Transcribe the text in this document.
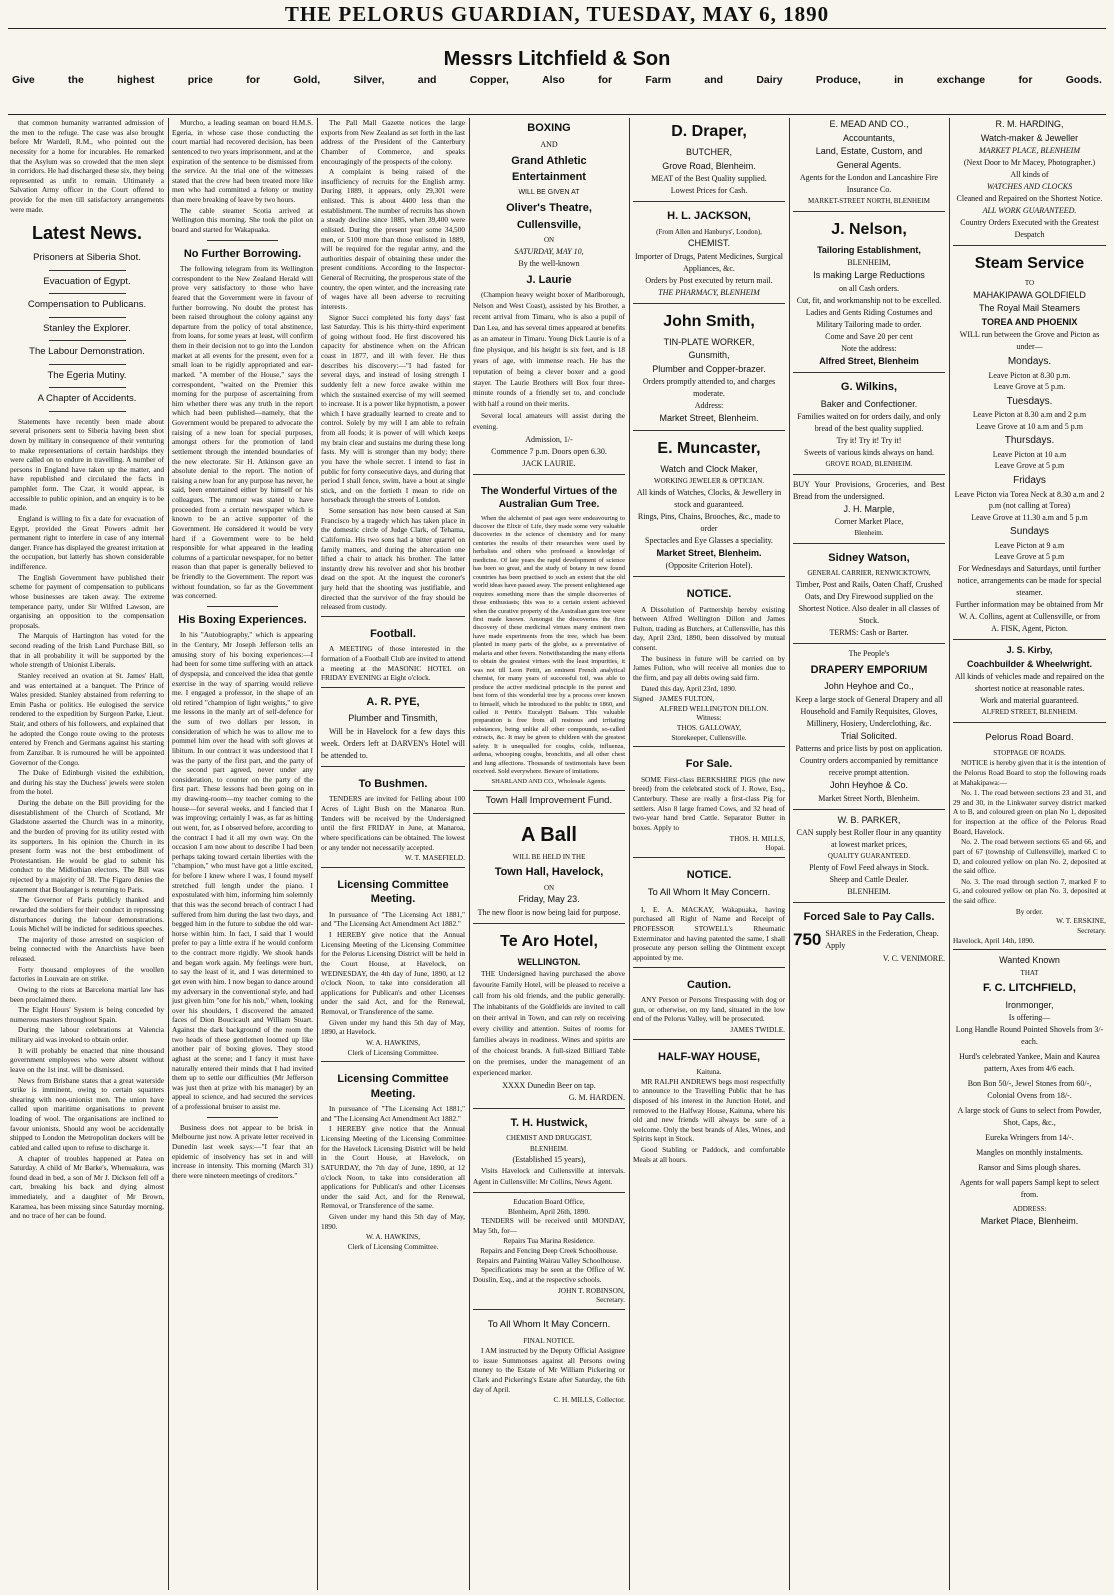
THE PELORUS GUARDIAN, TUESDAY, MAY 6, 1890
Messrs Litchfield & Son
Give	the	highest	price	for	Gold,	Silver,	and	Copper,	Also	for	Farm	and	Dairy	Produce,	in	exchange	for	Goods.

that common humanity warranted admission of the men to the refuge. The case was also brought before Mr Wardell, R.M., who pointed out the necessity for a home for incurables. He remarked that the Asylum was so crowded that the men slept in corridors. He had discharged these six, they being represented as unfit to remain. Ultimately a Salvation Army officer in the Court offered to provide for the men till satisfactory arrangements were made.

Latest News.
Prisoners at Siberia Shot.
Evacuation of Egypt.
Compensation to Publicans.
Stanley the Explorer.
The Labour Demonstration.
The Egeria Mutiny.
A Chapter of Accidents.

Statements have recently been made about several prisoners sent to Siberia having been shot down by military in consequence of their venturing to make representations of certain hardships they were called on to endure in travelling. A number of persons in England have taken up the matter, and have republished and circulated the facts in pamphlet form. The Czar, it would appear, is accessible to public opinion, and an enquiry is to be made.

England is willing to fix a date for evacuation of Egypt, provided the Great Powers admit her permanent right to interfere in case of any internal danger. France has displayed the greatest irritation at the occupation, but latterly has shown considerable indifference.

The English Government have published their scheme for payment of compensation to publicans whose businesses are taken away. The extreme temperance party, under Sir Wilfred Lawson, are organising an opposition to the compensation proposals.

The Marquis of Hartington has voted for the second reading of the Irish Land Purchase Bill, so that in all probability it will be supported by the whole strength of Unionist Liberals.

Stanley received an ovation at St. James' Hall, and was entertained at a banquet. The Prince of Wales presided. Stanley abstained from referring to Emin Pasha or politics. He eulogised the service rendered to the expedition by Surgeon Parke, Lieut. Stair, and others of his followers, and explained that he adopted the Congo route owing to the protests entered by French and Germans against his starting from Zanzibar. It is rumoured he will be appointed Governor of the Congo.

The Duke of Edinburgh visited the exhibition, and during his stay the Duchess' jewels were stolen from the hotel.

During the debate on the Bill providing for the disestablishment of the Church of Scotland, Mr Gladstone asserted the Church was in a minority, and the burden of proving for its utility rested with its supporters. In his opinion the Church in its present form was not the best embodiment of Protestantism. He would be glad to submit his conduct to the Midlothian electors. The Bill was rejected by a majority of 38. The Figaro denies the statement that Boulanger is returning to Paris.

The Governor of Paris publicly thanked and rewarded the soldiers for their conduct in repressing disturbances during the labour demonstrations. Louis Michel will be indicted for seditious speeches.

The majority of those arrested on suspicion of being connected with the Anarchists have been released.

Forty thousand employees of the woollen factories in Louvain are on strike.

Owing to the riots at Barcelona martial law has been proclaimed there.

The Eight Hours' System is being conceded by numerous masters throughout Spain.

During the labour celebrations at Valencia military aid was invoked to obtain order.

It will probably be enacted that nine thousand government employees who were absent without leave on the 1st inst. will be dismissed.

News from Brisbane states that a great waterside strike is imminent, owing to certain squatters shearing with non-unionist men. The union have called upon maritime organisations to prevent loading of wool. The organisations are inclined to favour unionists. Should any wool be accidentally shipped to London the Metropolitan dockers will be cabled and called upon to refuse to discharge it.

A chapter of troubles happened at Patea on Saturday. A child of Mr Barke's, Whenuakura, was found dead in bed, a son of Mr J. Dickson fell off a cart, breaking his back and dying almost immediately, and a daughter of Mr Brown, Karamea, has been missing since Saturday morning, and no trace of her can be found.

Murcho, a leading seaman on board H.M.S. Egeria, in whose case those conducting the court martial had recovered decision, has been sentenced to two years imprisonment, and at the expiration of the sentence to be dismissed from the service. At the trial one of the witnesses stated that the crew had been treated more like men who had committed a felony or mutiny than mere breaking of leave by two hours.

The cable steamer Scotia arrived at Wellington this morning. She took the pilot on board and started for Wakapuaka.

No Further Borrowing.

The following telegram from its Wellington correspondent to the New Zealand Herald will prove very satisfactory to those who have feared that the Government were in favour of further borrowing. No doubt the protest has been raised throughout the colony against any departure from the policy of total abstinence, from loans, for some years at least, will confirm them in their decision not to go into the London market at all events for the present, even for a small loan to be rigidly appropriated and ear-marked. "A member of the House," says the correspondent, "waited on the Premier this morning for the purpose of ascertaining from him whether there was any truth in the report which had been published—namely, that the Government would be prepared to advocate the raising of a new loan for special purposes, amongst others for the promotion of land settlement through the intended boundaries of the new electorate. Sir H. Atkinson gave an absolute denial to the report. The notion of raising a new loan for any purpose has never, he said, been entertained either by himself or his colleagues. The rumour was stated to have proceeded from a certain newspaper which is known to be an active supporter of the Government. He considered it would be very hard if a Government were to be held responsible for what appeared in the leading columns of a particular newspaper, for no better reason than that paper is generally believed to be friendly to the Government. The report was without foundation, so far as the Government was concerned.

His Boxing Experiences.

In his "Autobiography," which is appearing in the Century, Mr Joseph Jefferson tells an amusing story of his boxing experiences:—I had been for some time suffering with an attack of dyspepsia, and conceived the idea that gentle exercise in the way of sparring would relieve me. I engaged a professor, in the shape of an old retired "champion of light weights," to give me lessons in the manly art of self-defence for the sum of two dollars per lesson, in consideration of which he was to allow me to pommel him over the head with soft gloves at libitum. In our contract it was understood that I was the party of the first part, and the party of the second part agreed, never under any consideration, to counter on the party of the first part. These lessons had been going on in my drawing-room—my teacher coming to the house—for several weeks, and I fancied that I was improving; certainly I was, as far as hitting out went, for, as I observed before, according to the contract I had it all my own way. On the occasion I am now about to describe I had been perhaps taking toward certain liberties with the "champion," who must have got a little excited, for before I knew where I was, I found myself stretched full length under the piano. I expostulated with him, informing him solemnly that this was the second breach of contract I had suffered from him during the last two days, and begged him in the future to subdue the old war-horse within him. In fact, I said that I would prefer to pay a little extra if he would conform to the contract more rigidly. We shook hands and began work again. My feelings were hurt, to say the least of it, and I was determined to get even with him. I now began to dance around my adversary in the conventional style, and had just given him "one for his nob," when, looking over his shoulders, I discovered the amazed faces of Dion Boucicault and William Stuart. Against the dark background of the room the two heads of these gentlemen loomed up like another pair of boxing gloves. They stood aghast at the scene; and I fancy it must have naturally entered their minds that I had invited them up to settle our difficulties (Mr Jefferson was just then at prize with his manager) by an appeal to science, and had secured the services of a professional bruiser to assist me.

Business does not appear to be brisk in Melbourne just now. A private letter received in Dunedin last week says:—"I fear that an epidemic of insolvency has set in and will increase in intensity. This morning (March 31) there were nineteen meetings of creditors."

The Pall Mall Gazette notices the large exports from New Zealand as set forth in the last address of the President of the Canterbury Chamber of Commerce, and speaks encouragingly of the prospects of the colony.

A complaint is being raised of the insufficiency of recruits for the English army. During 1889, it appears, only 29,301 were enlisted. This is about 4400 less than the establishment. The number of recruits has shown a steady decline since 1885, when 39,400 were enlisted. During the present year some 34,500 men, or 5100 more than those enlisted in 1889, will be required for the regular army, and the authorities despair of obtaining these under the present conditions. According to the Inspector-General of Recruiting, the prosperous state of the country, the open winter, and the increasing rate of wages have all been adverse to recruiting interests.

Signor Succi completed his forty days' fast last Saturday. This is his thirty-third experiment of going without food. He first discovered his capacity for abstinence when on the African coast in 1877, and ill with fever. He thus describes his discovery:—"I had fasted for several days, and instead of losing strength I suddenly felt a new force awake within me which the sustained exercise of my will seemed to increase. It is a power like hypnotism, a power which I have gradually learned to create and to control. Solely by my will I am able to refrain from all foods; it is power of will which keeps my brain clear and sustains me during these long fasts. My will is stronger than my body; there you have the whole secret. I intend to fast in public for forty consecutive days, and during that period I shall fence, swim, have a bout at single stick, and on the fortieth I mean to ride on horseback through the streets of London.

Some sensation has now been caused at San Francisco by a tragedy which has taken place in the domestic circle of Judge Clark, of Tehama, California. His two sons had a bitter quarrel on family matters, and during the altercation one lifted a chair to attack his brother. The latter instantly drew his revolver and shot his brother dead on the spot. At the inquest the coroner's jury held that the shooting was justifiable, and directed that the survivor of the fray should be released from custody.

Football.

A MEETING of those interested in the formation of a Football Club are invited to attend a meeting at the MASONIC HOTEL on FRIDAY EVENING at Eight o'clock.

A. R. PYE,
Plumber and Tinsmith,

Will be in Havelock for a few days this week. Orders left at DARVEN's Hotel will be attended to.

To Bushmen.

TENDERS are invited for Felling about 100 Acres of Light Bush on the Manaroa Run. Tenders will be received by the Undersigned until the first FRIDAY in June, at Manaroa, where specifications can be obtained. The lowest or any tender not necessarily accepted.

W. T. MASEFIELD.
Licensing Committee Meeting.

In pursuance of "The Licensing Act 1881," and "The Licensing Act Amendment Act 1882."

I HEREBY give notice that the Annual Licensing Meeting of the Licensing Committee for the Pelorus Licensing District will be held in the Court House, at Havelock, on WEDNESDAY, the 4th day of June, 1890, at 12 o'clock Noon, to take into consideration all applications for Publican's and other Licenses under the said Act, and for the Renewal, Removal, or Transference of the same.

Given under my hand this 5th day of May, 1890, at Havelock.

W. A. HAWKINS,
Clerk of Licensing Committee.
Licensing Committee Meeting.

In pursuance of "The Licensing Act 1881," and "The Licensing Act Amendment Act 1882."

I HEREBY give notice that the Annual Licensing Meeting of the Licensing Committee for the Havelock Licensing District will be held in the Court House, at Havelock, on SATURDAY, the 7th day of June, 1890, at 12 o'clock Noon, to take into consideration all applications for Publican's and other Licenses under the said Act, and for the Renewal, Removal, or Transference of the same.

Given under my hand this 5th day of May, 1890.

W. A. HAWKINS,
Clerk of Licensing Committee.
BOXING
AND
Grand Athletic Entertainment
WILL BE GIVEN AT
Oliver's Theatre, Cullensville,
ON
SATURDAY, MAY 10,
By the well-known
J. Laurie

(Champion heavy weight boxer of Marlborough, Nelson and West Coast), assisted by his Brother, a recent arrival from Timaru, who is also a pupil of Dan Lea, and has several times appeared at benefits as an amateur in Timaru. Young Dick Laurie is of a fine physique, and his height is six feet, and is 18 years of age, with immense reach. He has the reputation of being a clever boxer and a good stayer. The Laurie Brothers will Box four three-minute rounds of a friendly set to, and conclude with half a round on their merits.

Several local amateurs will assist during the evening.

Admission, 1/-
Commence 7 p.m. Doors open 6.30.
JACK LAURIE.
The Wonderful Virtues of the Australian Gum Tree.

When the alchemist of past ages were endeavouring to discover the Elixir of Life, they made some very valuable discoveries in the science of chemistry and for many centuries the results of their researches were used by herbalists and others who professed a knowledge of medicine. Of late years the rapid development of science has been so great, and the study of botany in new found countries has been practised to such an extent that the old world ideas have passed away. The present enlightened age requires something more than the simple discoveries of those enthusiasts; this was to a certain extent achieved when the curative property of the Australian gum tree were first made known. Amongst the discoveries the first discovery of these medicinal virtues many eminent men have made experiments from the tree, which has been planted in many parts of the globe, as a preventative of malaria and other fevers. Notwithstanding the many efforts to obtain the greatest virtues with the least impurities, it was not till Leon Pettit, an eminent French analytical chemist, for many years of successful toil, was able to produce the active medicinal principle in the purest and best form of this wonderful tree by a process over known to himself, which he introduced to the public in 1860, and called it Pettit's Eucalypti Balsam. This valuable preparation is free from all resinous and irritating substances, being unlike all other compounds, so-called extracts, &c. It may be given to children with the greatest safety. It is unequalled for coughs, colds, influenza, asthma, whooping coughs, bronchitis, and all other chest and lung affections. Thousands of testimonials have been received. Sold everywhere. Beware of imitations.

SHARLAND AND CO., Wholesale Agents.
Town Hall Improvement Fund.
A Ball
WILL BE HELD IN THE
Town Hall, Havelock,
ON
Friday, May 23.
The new floor is now being laid for purpose.
Te Aro Hotel,
WELLINGTON.

THE Undersigned having purchased the above favourite Family Hotel, will be pleased to receive a call from his old friends, and the public generally. The inhabitants of the Goldfields are invited to call on their arrival in Town, and can rely on receiving every civility and attention. Suites of rooms for families always in readiness. Wines and spirits are of the choicest brands. A full-sized Billiard Table on the premises, under the management of an experienced marker.

XXXX Dunedin Beer on tap.
G. M. HARDEN.
T. H. Hustwick,
CHEMIST AND DRUGGIST,
BLENHEIM.
(Established 15 years),

Visits Havelock and Cullensville at intervals. Agent in Cullensville: Mr Collins, News Agent.

Education Board Office,
Blenheim, April 26th, 1890.

TENDERS will be received until MONDAY, May 5th, for—

Repairs Tua Marina Residence.
Repairs and Fencing Deep Creek Schoolhouse.
Repairs and Painting Wairau Valley Schoolhouse.

Specifications may be seen at the Office of W. Douslin, Esq., and at the respective schools.

JOHN T. ROBINSON,
Secretary.
To All Whom It May Concern.
FINAL NOTICE.

I AM instructed by the Deputy Official Assignee to issue Summonses against all Persons owing money to the Estate of Mr William Pickering or Clark and Pickering's Estate after Saturday, the 6th day of April.

C. H. MILLS, Collector.
D. Draper,
BUTCHER,
Grove Road, Blenheim.
MEAT of the Best Quality supplied.
Lowest Prices for Cash.
H. L. JACKSON,
(From Allen and Hanburys', London),
CHEMIST.
Importer of Drugs, Patent Medicines, Surgical Appliances, &c.
Orders by Post executed by return mail.
THE PHARMACY, BLENHEIM
John Smith,
TIN-PLATE WORKER,
Gunsmith,
Plumber and Copper-brazer.
Orders promptly attended to, and charges moderate.
Address:
Market Street, Blenheim.
E. Muncaster,
Watch and Clock Maker,
WORKING JEWELER & OPTICIAN.
All kinds of Watches, Clocks, & Jewellery in stock and guaranteed.
Rings, Pins, Chains, Brooches, &c., made to order
Spectacles and Eye Glasses a speciality.
Market Street, Blenheim.
(Opposite Criterion Hotel).
NOTICE.

A Dissolution of Partnership hereby existing between Alfred Wellington Dillon and James Fulton, trading as Butchers, at Cullensville, has this day, April 23rd, 1890, been dissolved by mutual consent.

The business in future will be carried on by James Fulton, who will receive all monies due to the firm, and pay all debts owing said firm.

Dated this day, April 23rd, 1890.

Signed JAMES FULTON,
ALFRED WELLINGTON DILLON.
Witness:
THOS. GALLOWAY,
Storekeeper, Cullensville.
For Sale.

SOME First-class BERKSHIRE PIGS (the new breed) from the celebrated stock of J. Rowe, Esq., Canterbury. These are really a first-class Pig for settlers. Also 8 large framed Cows, and 32 head of two-year hand bred Cattle. Separator Butter in boxes. Apply to

THOS. H. MILLS,
Hopai.
NOTICE.
To All Whom It May Concern.

I, E. A. MACKAY, Wakapuaka, having purchased all Right of Name and Receipt of PROFESSOR STOWELL's Rheumatic Exterminator and having patented the same, I shall prosecute any person selling the Ointment except appointed by me.

Caution.

ANY Person or Persons Trespassing with dog or gun, or otherwise, on my land, situated in the low end of the Pelorus Valley, will be prosecuted.

JAMES TWIDLE.
HALF-WAY HOUSE,
Kaituna.

MR RALPH ANDREWS begs most respectfully to announce to the Travelling Public that he has disposed of his interest in the Junction Hotel, and removed to the Halfway House, Kaituna, where his old and new friends will always be sure of a welcome. Only the best brands of Ales, Wines, and Spirits kept in Stock.

Good Stabling or Paddock, and comfortable Meals at all hours.

E. MEAD AND CO.,
Accountants,
Land, Estate, Custom, and
General Agents.
Agents for the London and Lancashire Fire Insurance Co.
MARKET-STREET NORTH, BLENHEIM
J. Nelson,
Tailoring Establishment,
BLENHEIM,
Is making Large Reductions
on all Cash orders.
Cut, fit, and workmanship not to be excelled.
Ladies and Gents Riding Costumes and Military Tailoring made to order.
Come and Save 20 per cent
Note the address:
Alfred Street, Blenheim
G. Wilkins,
Baker and Confectioner.
Families waited on for orders daily, and only bread of the best quality supplied.
Try it! Try it! Try it!
Sweets of various kinds always on hand.
GROVE ROAD, BLENHEIM.
BUY Your Provisions, Groceries, and Best Bread from the undersigned.
J. H. Marple,
Corner Market Place,
Blenheim.
Sidney Watson,
GENERAL CARRIER, RENWICKTOWN,
Timber, Post and Rails, Oaten Chaff, Crushed Oats, and Dry Firewood supplied on the Shortest Notice. Also dealer in all classes of Stock.
TERMS: Cash or Barter.
The People's
DRAPERY EMPORIUM
John Heyhoe and Co.,
Keep a large stock of General Drapery and all Household and Family Requisites, Gloves, Millinery, Hosiery, Underclothing, &c.
Trial Solicited.
Patterns and price lists by post on application. Country orders accompanied by remittance receive prompt attention.
John Heyhoe & Co.
Market Street North, Blenheim.
W. B. PARKER,
CAN supply best Roller flour in any quantity at lowest market prices,
QUALITY GUARANTEED.
Plenty of Fowl Feed always in Stock.
Sheep and Cattle Dealer.
BLENHEIM.
Forced Sale to Pay Calls.
750 SHARES in the Federation, Cheap. Apply
V. C. VENIMORE.
R. M. HARDING,
Watch-maker & Jeweller
MARKET PLACE, BLENHEIM
(Next Door to Mr Macey, Photographer.)
All kinds of
WATCHES AND CLOCKS
Cleaned and Repaired on the Shortest Notice.
ALL WORK GUARANTEED.
Country Orders Executed with the Greatest Despatch
Steam Service
TO
MAHAKIPAWA GOLDFIELD
The Royal Mail Steamers
TOREA AND PHOENIX
WILL run between the Grove and Picton as under—
Mondays.
Leave Picton at 8.30 p.m.
Leave Grove at 5 p.m.
Tuesdays.
Leave Picton at 8.30 a.m and 2 p.m
Leave Grove at 10 a.m and 5 p.m
Thursdays.
Leave Picton at 10 a.m
Leave Grove at 5 p.m
Fridays
Leave Picton via Torea Neck at 8.30 a.m and 2 p.m (not calling at Torea)
Leave Grove at 11.30 a.m and 5 p.m
Sundays
Leave Picton at 9 a.m
Leave Grove at 5 p.m
For Wednesdays and Saturdays, until further notice, arrangements can be made for special steamer.
Further information may be obtained from Mr W. A. Collins, agent at Cullensville, or from
A. FISK, Agent, Picton.
J. S. Kirby,
Coachbuilder & Wheelwright.
All kinds of vehicles made and repaired on the shortest notice at reasonable rates.
Work and material guaranteed.
ALFRED STREET, BLENHEIM.
Pelorus Road Board.
STOPPAGE OF ROADS.

NOTICE is hereby given that it is the intention of the Pelorus Road Board to stop the following roads at Mahakipawa:—

No. 1. The road between sections 23 and 31, and 29 and 30, in the Linkwater survey district marked A to B, and coloured green on plan No 1, deposited for inspection at the office of the Pelorus Road Board, Havelock.

No. 2. The road between sections 65 and 66, and part of 67 (township of Cullensville), marked C to D, and coloured yellow on plan No. 2, deposited at the said office.

No. 3. The road through section 7, marked F to G, and coloured yellow on plan No. 3, deposited at the said office.

By order.
W. T. ERSKINE,
Secretary.
Havelock, April 14th, 1890.
Wanted Known
THAT
F. C. LITCHFIELD,
Ironmonger,
Is offering—
Long Handle Round Pointed Shovels from 3/- each.
Hurd's celebrated Yankee, Main and Kaurea pattern, Axes from 4/6 each.
Bon Bon 50/-, Jewel Stones from 60/-, Colonial Ovens from 18/-.
A large stock of Guns to select from Powder, Shot, Caps, &c.,
Eureka Wringers from 14/-.
Mangles on monthly instalments.
Ransor and Sims plough shares.
Agents for wall papers Sampl kept to select from.
ADDRESS:
Market Place, Blenheim.
